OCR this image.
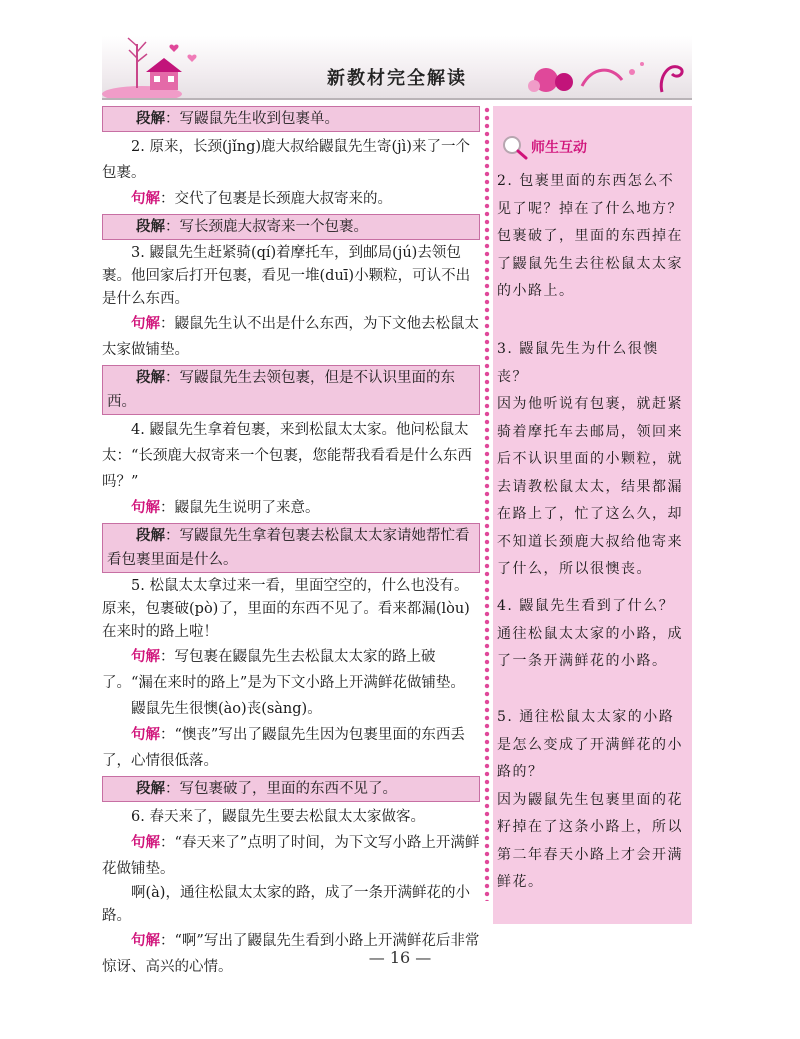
新教材完全解读
段解：写鼹鼠先生收到包裹单。

2. 原来，长颈(jǐng)鹿大叔给鼹鼠先生寄(jì)来了一个包裹。

句解：交代了包裹是长颈鹿大叔寄来的。

段解：写长颈鹿大叔寄来一个包裹。

3. 鼹鼠先生赶紧骑(qí)着摩托车，到邮局(jú)去领包裹。他回家后打开包裹，看见一堆(duī)小颗粒，可认不出是什么东西。

句解：鼹鼠先生认不出是什么东西，为下文他去松鼠太太家做铺垫。

段解：写鼹鼠先生去领包裹，但是不认识里面的东西。

4. 鼹鼠先生拿着包裹，来到松鼠太太家。他问松鼠太太：“长颈鹿大叔寄来一个包裹，您能帮我看看是什么东西吗？”

句解：鼹鼠先生说明了来意。

段解：写鼹鼠先生拿着包裹去松鼠太太家请她帮忙看看包裹里面是什么。

5. 松鼠太太拿过来一看，里面空空的，什么也没有。原来，包裹破(pò)了，里面的东西不见了。看来都漏(lòu)在来时的路上啦！

句解：写包裹在鼹鼠先生去松鼠太太家的路上破了。“漏在来时的路上”是为下文小路上开满鲜花做铺垫。

鼹鼠先生很懊(ào)丧(sàng)。

句解：“懊丧”写出了鼹鼠先生因为包裹里面的东西丢了，心情很低落。

段解：写包裹破了，里面的东西不见了。

6. 春天来了，鼹鼠先生要去松鼠太太家做客。

句解：“春天来了”点明了时间，为下文写小路上开满鲜花做铺垫。

啊(à)，通往松鼠太太家的路，成了一条开满鲜花的小路。

句解：“啊”写出了鼹鼠先生看到小路上开满鲜花后非常惊讶、高兴的心情。

师生互动

2. 包裹里面的东西怎么不见了呢？掉在了什么地方？

包裹破了，里面的东西掉在了鼹鼠先生去往松鼠太太家的小路上。

3. 鼹鼠先生为什么很懊丧？

因为他听说有包裹，就赶紧骑着摩托车去邮局，领回来后不认识里面的小颗粒，就去请教松鼠太太，结果都漏在路上了，忙了这么久，却不知道长颈鹿大叔给他寄来了什么，所以很懊丧。

4. 鼹鼠先生看到了什么？

通往松鼠太太家的小路，成了一条开满鲜花的小路。

5. 通往松鼠太太家的小路是怎么变成了开满鲜花的小路的？

因为鼹鼠先生包裹里面的花籽掉在了这条小路上，所以第二年春天小路上才会开满鲜花。

— 16 —
